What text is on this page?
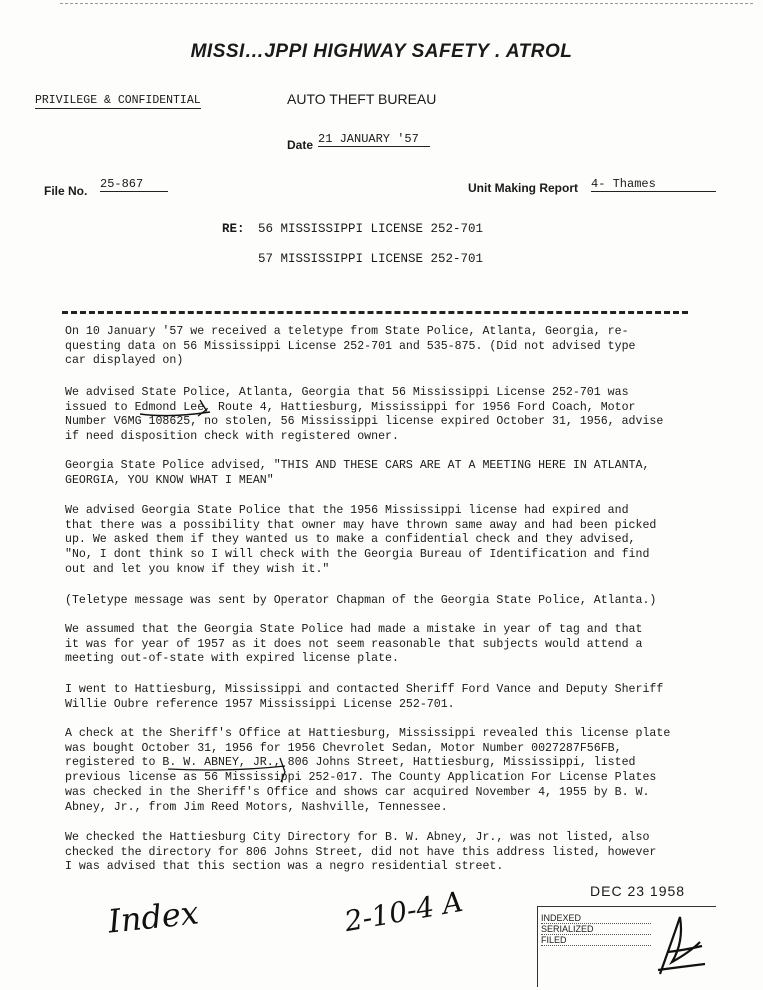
MISSI…JPPI HIGHWAY SAFETY . ATROL
PRIVILEGE & CONFIDENTIAL	AUTO THEFT BUREAU
Date 21 JANUARY '57
File No. 25-867	Unit Making Report 4- Thames
RE: 56 MISSISSIPPI LICENSE 252-701
57 MISSISSIPPI LICENSE 252-701
On 10 January '57 we received a teletype from State Police, Atlanta, Georgia, re-
questing data on 56 Mississippi License 252-701 and 535-875. (Did not advised type
car displayed on)
We advised State Police, Atlanta, Georgia that 56 Mississippi License 252-701 was
issued to Edmond Lee, Route 4, Hattiesburg, Mississippi for 1956 Ford Coach, Motor
Number V6MG 108625, no stolen, 56 Mississippi license expired October 31, 1956, advise
if need disposition check with registered owner.
Georgia State Police advised, "THIS AND THESE CARS ARE AT A MEETING HERE IN ATLANTA,
GEORGIA, YOU KNOW WHAT I MEAN"
We advised Georgia State Police that the 1956 Mississippi license had expired and
that there was a possibility that owner may have thrown same away and had been picked
up. We asked them if they wanted us to make a confidential check and they advised,
"No, I dont think so I will check with the Georgia Bureau of Identification and find
out and let you know if they wish it."
(Teletype message was sent by Operator Chapman of the Georgia State Police, Atlanta.)
We assumed that the Georgia State Police had made a mistake in year of tag and that
it was for year of 1957 as it does not seem reasonable that subjects would attend a
meeting out-of-state with expired license plate.
I went to Hattiesburg, Mississippi and contacted Sheriff Ford Vance and Deputy Sheriff
Willie Oubre reference 1957 Mississippi License 252-701.
A check at the Sheriff's Office at Hattiesburg, Mississippi revealed this license plate
was bought October 31, 1956 for 1956 Chevrolet Sedan, Motor Number 0027287F56FB,
registered to B. W. ABNEY, JR., 806 Johns Street, Hattiesburg, Mississippi, listed
previous license as 56 Mississippi 252-017. The County Application For License Plates
was checked in the Sheriff's Office and shows car acquired November 4, 1955 by B. W.
Abney, Jr., from Jim Reed Motors, Nashville, Tennessee.
We checked the Hattiesburg City Directory for B. W. Abney, Jr., was not listed, also
checked the directory for 806 Johns Street, did not have this address listed, however
I was advised that this section was a negro residential street.
DEC 23 1958
INDEXED
SERIALIZED
FILED
Index	2-10-4 A
